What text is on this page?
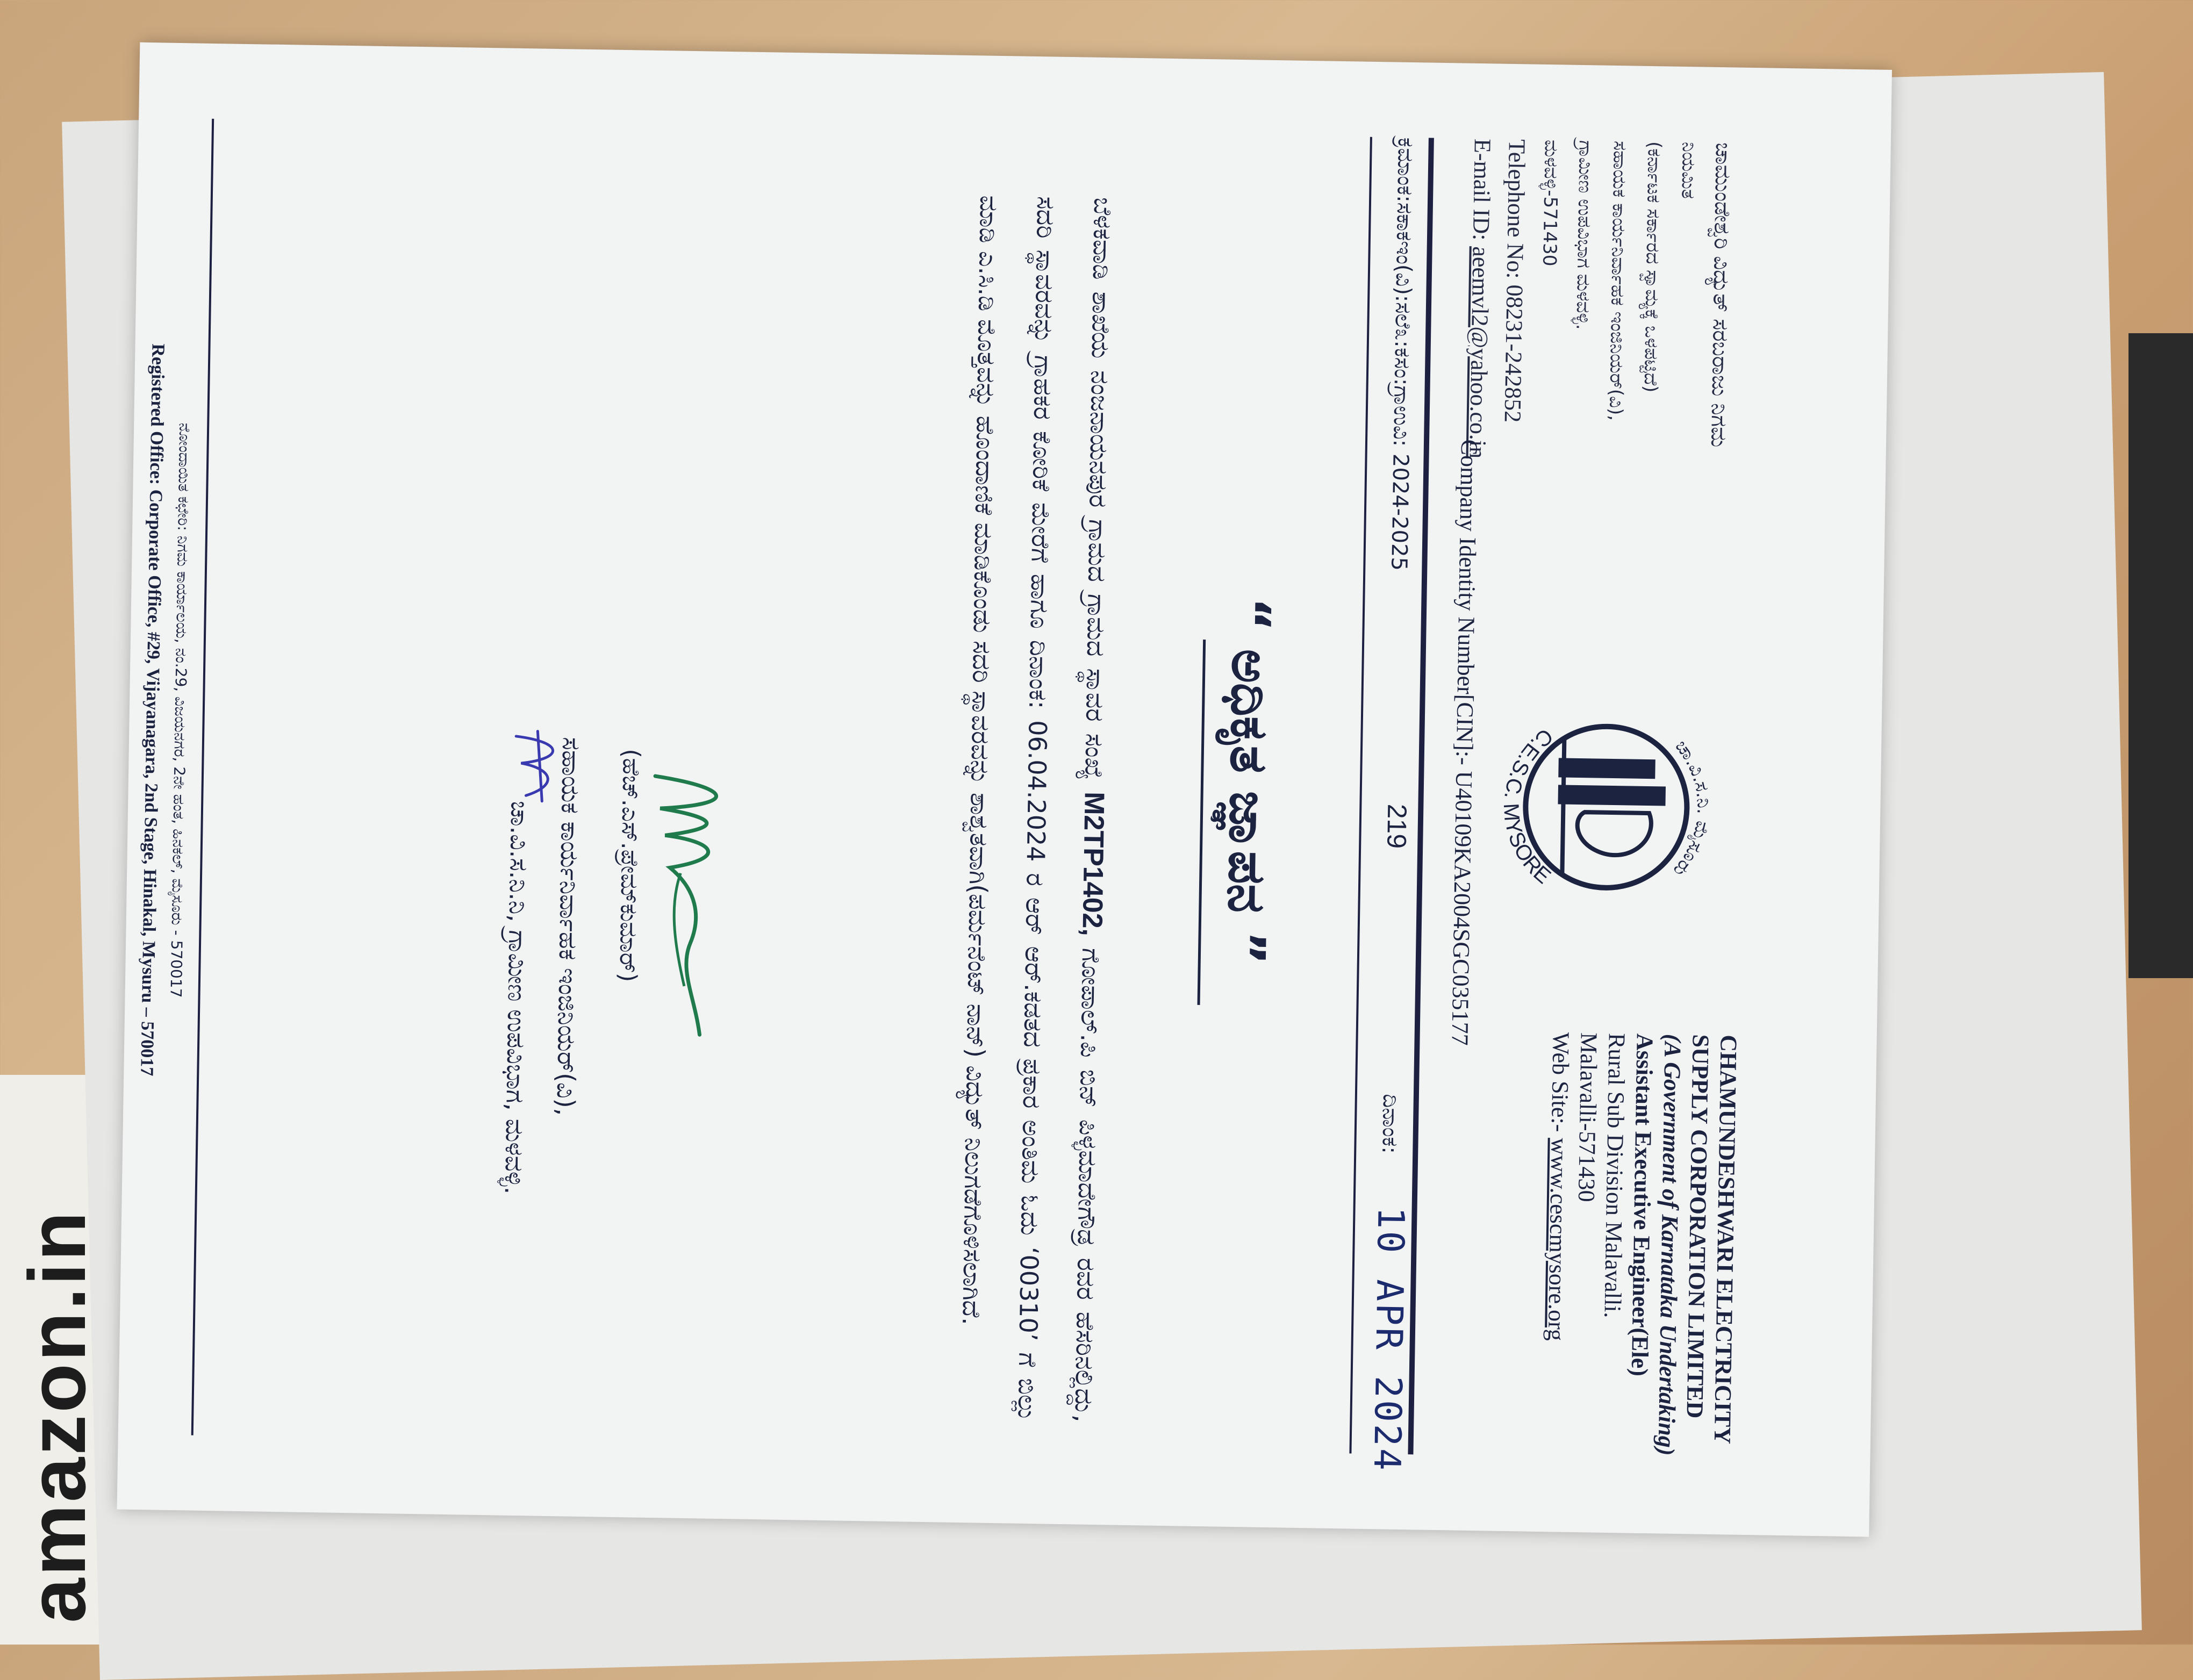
amazon.in
ಚಾಮುಂಡೇಶ್ವರಿ ವಿದ್ಯುತ್ ಸರಬರಾಜು ನಿಗಮ
ನಿಯಮಿತ
(ಕರ್ನಾಟಕ ಸರ್ಕಾರದ ಸ್ವಾಮ್ಯಕ್ಕೆ ಒಳಪಟ್ಟಿದೆ)
ಸಹಾಯಕ ಕಾರ್ಯನಿರ್ವಾಹಕ ಇಂಜಿನಿಯರ್(ವಿ),
ಗ್ರಾಮೀಣ ಉಪವಿಭಾಗ ಮಳವಳ್ಳಿ.
ಮಳವಳ್ಳಿ-571430
Telephone No: 08231-242852
E-mail ID: aeemvl2@yahoo.co.in
ಚಾ.ವಿ.ಸ.ನಿ. ಮೈಸೂರು
C.E.S.C. MYSORE
CHAMUNDESHWARI ELECTRICITY
SUPPLY CORPORATION LIMITED
(A Government of Karnataka Undertaking)
Assistant Executive Engineer(Ele)
Rural Sub Division Malavalli.
Malavalli-571430
Web Site:- www.cescmysore.org
Company Identity Number[CIN]:- U40109KA2004SGC035177
ಕ್ರಮಾಂಕ:ಸಕಾಕಇಂ(ವಿ):ಸಲೆ೩:ಕಸಂ:ಗ್ರಾಉವಿ: 2024-2025
219
ದಿನಾಂಕ:
10 APR 2024
“ ಅಧಿಕೃತ ಜ್ಞಾಪನ ”
ಬೆಳಕವಾಡಿ ಶಾಖೆಯ ನಂಜನಾಯನಪುರ ಗ್ರಾಮದ ಗ್ರಾಮದ ಸ್ಥಾವರ ಸಂಖ್ಯೆ M2TP1402, ಗೋಪಾಲ್.ಪಿ ಬಿನ್ ಪಿಳ್ಳಮಾದೇಗೌಡ್ರ ರವರ ಹೆಸರಿನಲ್ಲಿದ್ದು, ಸದರಿ ಸ್ಥಾವರವನ್ನು ಗ್ರಾಹಕರ ಕೋರಿಕೆ ಮೇರೆಗೆ ಹಾಗೂ ದಿನಾಂಕ: 06.04.2024 ರ ಆರ್ ಆರ್.ಕಡತದ ಪ್ರಕಾರ ಅಂತಿಮ ಓದು ‘00310’ ಗೆ ಬಿಲ್ಲು ಮಾಡಿ ಎ.ಸಿ.ಡಿ ಮೊತ್ತವನ್ನು ಹೊಂದಾಣಿಕೆ ಮಾಡಿಕೊಂಡು ಸದರಿ ಸ್ಥಾವರವನ್ನು ಶಾಶ್ವತವಾಗಿ(ಪರ್ಮನೆಂಟ್ ನಾನ್) ವಿದ್ಯುತ್ ನಿಲುಗಡೆಗೊಳಿಸಲಾಗಿದೆ.
(ಹೆಚ್.ಎಸ್.ಪ್ರೇಮ್‌ಕುಮಾರ್)
ಸಹಾಯಕ ಕಾರ್ಯನಿರ್ವಾಹಕ ಇಂಜಿನಿಯರ್(ವಿ),
ಚಾ.ವಿ.ಸ.ನಿ.ನಿ, ಗ್ರಾಮೀಣ ಉಪವಿಭಾಗ, ಮಳವಳ್ಳಿ.
ನೋಂದಾಯಿತ ಕಛೇರಿ: ನಿಗಮ ಕಾರ್ಯಾಲಯ, ನಂ.29, ವಿಜಯನಗರ, 2ನೇ ಹಂತ, ಹಿನಕಲ್, ಮೈಸೂರು - 570017
Registered Office: Corporate Office, #29, Vijayanagara, 2nd Stage, Hinakal, Mysuru – 570017
